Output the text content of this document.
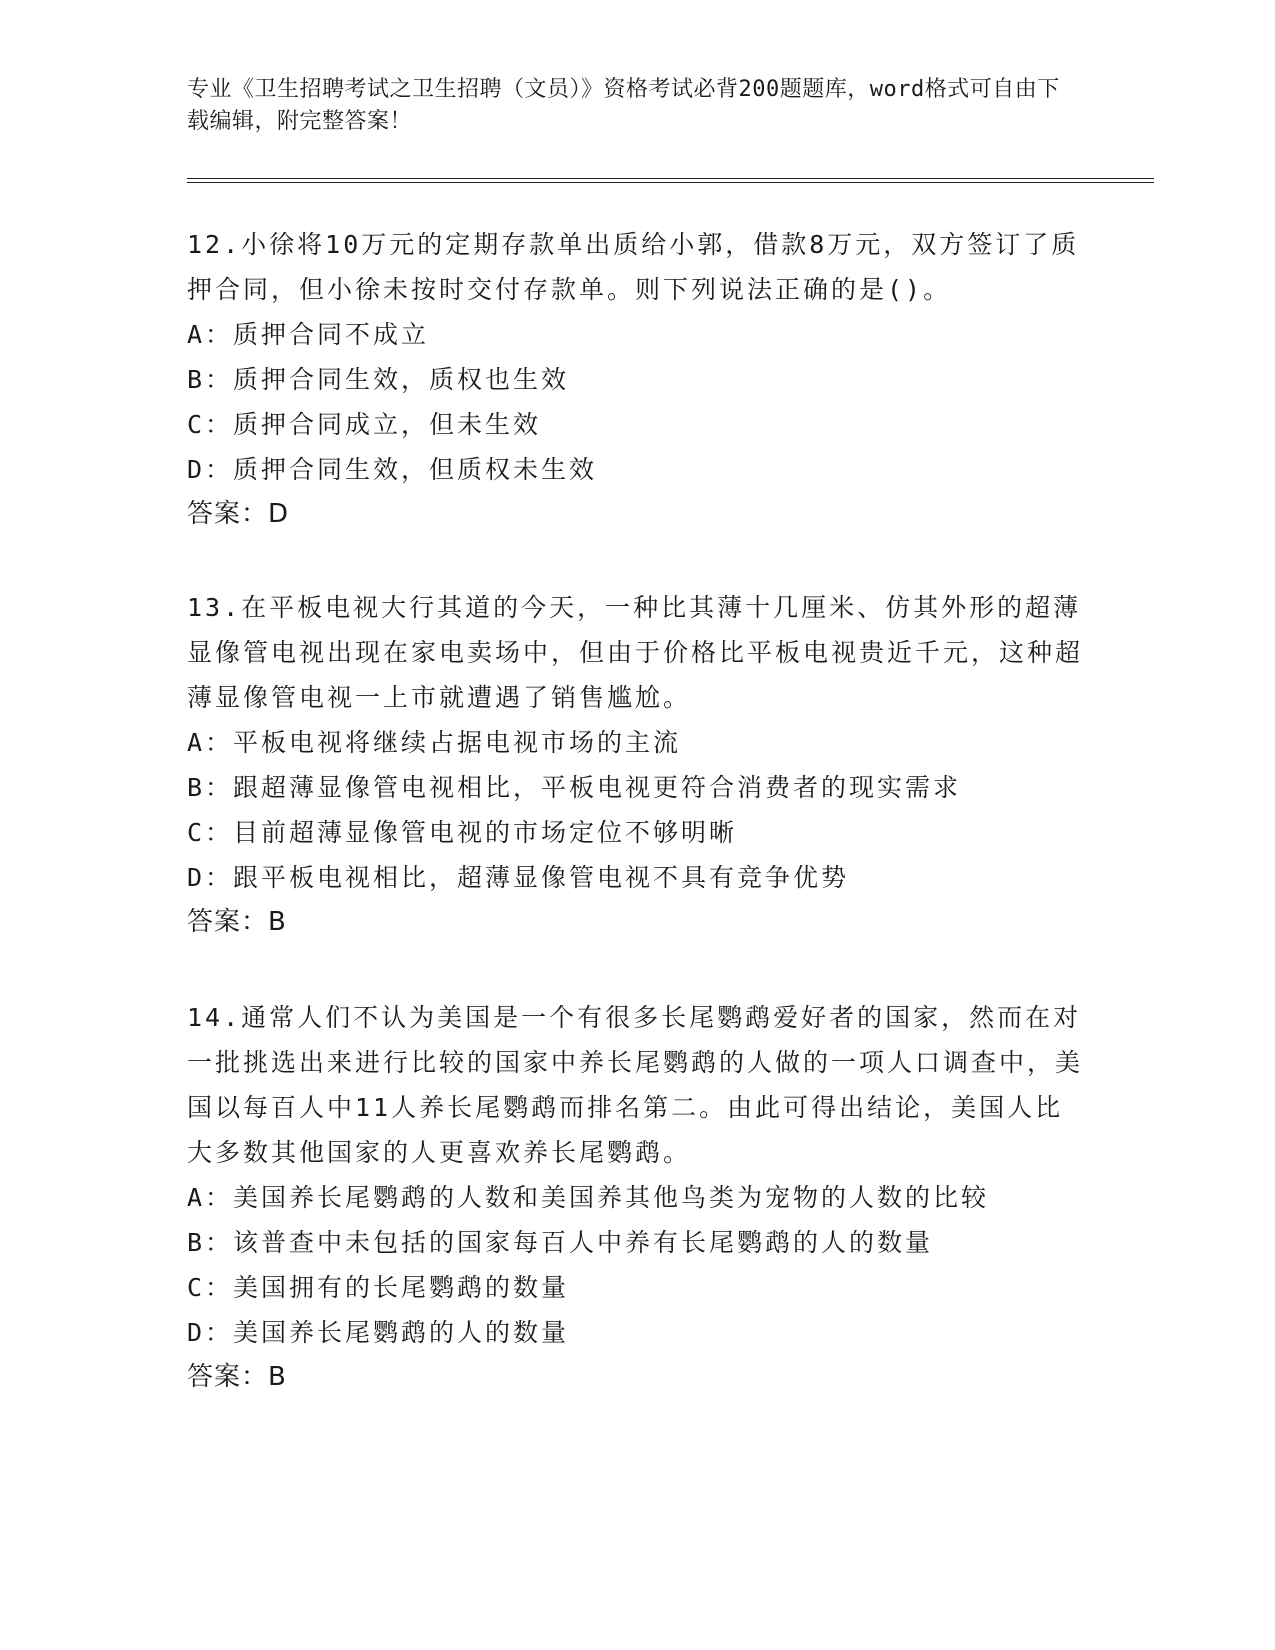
专业《卫生招聘考试之卫生招聘（文员）》资格考试必背200题题库，word格式可自由下载编辑，附完整答案！
12.小徐将10万元的定期存款单出质给小郭，借款8万元，双方签订了质押合同，但小徐未按时交付存款单。则下列说法正确的是()。
A：质押合同不成立
B：质押合同生效，质权也生效
C：质押合同成立，但未生效
D：质押合同生效，但质权未生效
答案：D
13.在平板电视大行其道的今天，一种比其薄十几厘米、仿其外形的超薄显像管电视出现在家电卖场中，但由于价格比平板电视贵近千元，这种超薄显像管电视一上市就遭遇了销售尴尬。
A：平板电视将继续占据电视市场的主流
B：跟超薄显像管电视相比，平板电视更符合消费者的现实需求
C：目前超薄显像管电视的市场定位不够明晰
D：跟平板电视相比，超薄显像管电视不具有竞争优势
答案：B
14.通常人们不认为美国是一个有很多长尾鹦鹉爱好者的国家，然而在对一批挑选出来进行比较的国家中养长尾鹦鹉的人做的一项人口调查中，美国以每百人中11人养长尾鹦鹉而排名第二。由此可得出结论，美国人比大多数其他国家的人更喜欢养长尾鹦鹉。
A：美国养长尾鹦鹉的人数和美国养其他鸟类为宠物的人数的比较
B：该普查中未包括的国家每百人中养有长尾鹦鹉的人的数量
C：美国拥有的长尾鹦鹉的数量
D：美国养长尾鹦鹉的人的数量
答案：B
